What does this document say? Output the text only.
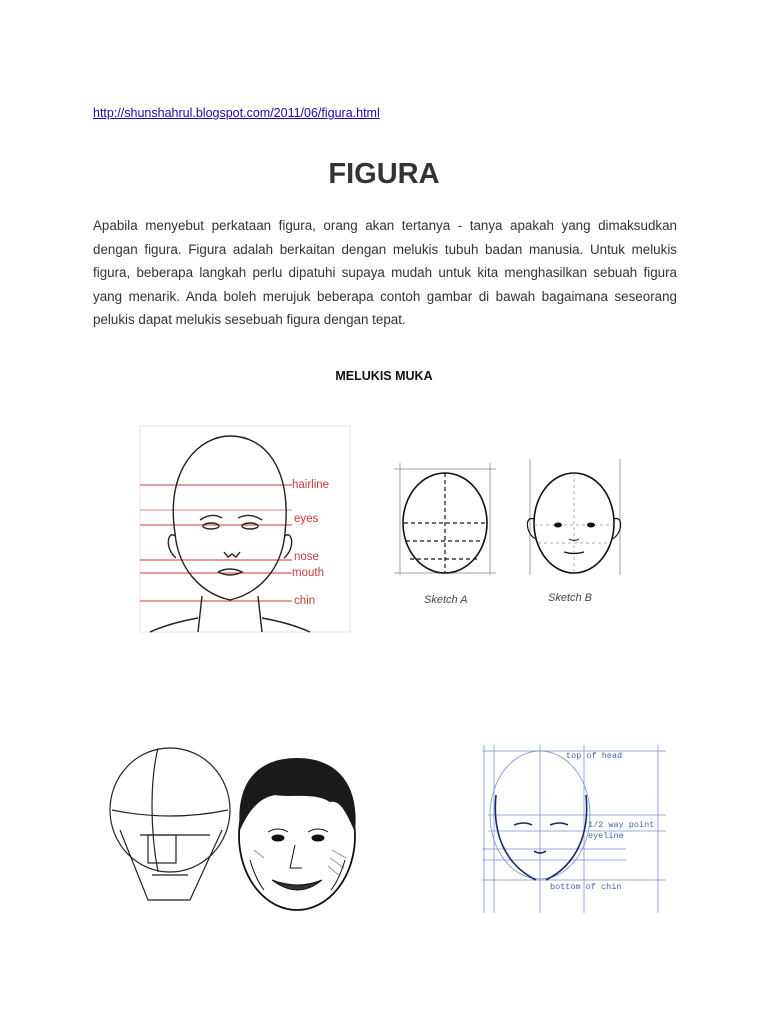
http://shunshahrul.blogspot.com/2011/06/figura.html
FIGURA

Apabila menyebut perkataan figura, orang akan tertanya - tanya apakah yang dimaksudkan dengan figura. Figura adalah berkaitan dengan melukis tubuh badan manusia. Untuk melukis figura, beberapa langkah perlu dipatuhi supaya mudah untuk kita menghasilkan sebuah figura yang menarik. Anda boleh merujuk beberapa contoh gambar di bawah bagaimana seseorang pelukis dapat melukis sesebuah figura dengan tepat.

MELUKIS MUKA
hairline
eyes
nose
mouth
chin	Sketch A	Sketch B
top of head
1/2 way point
eyeline
bottom of chin
